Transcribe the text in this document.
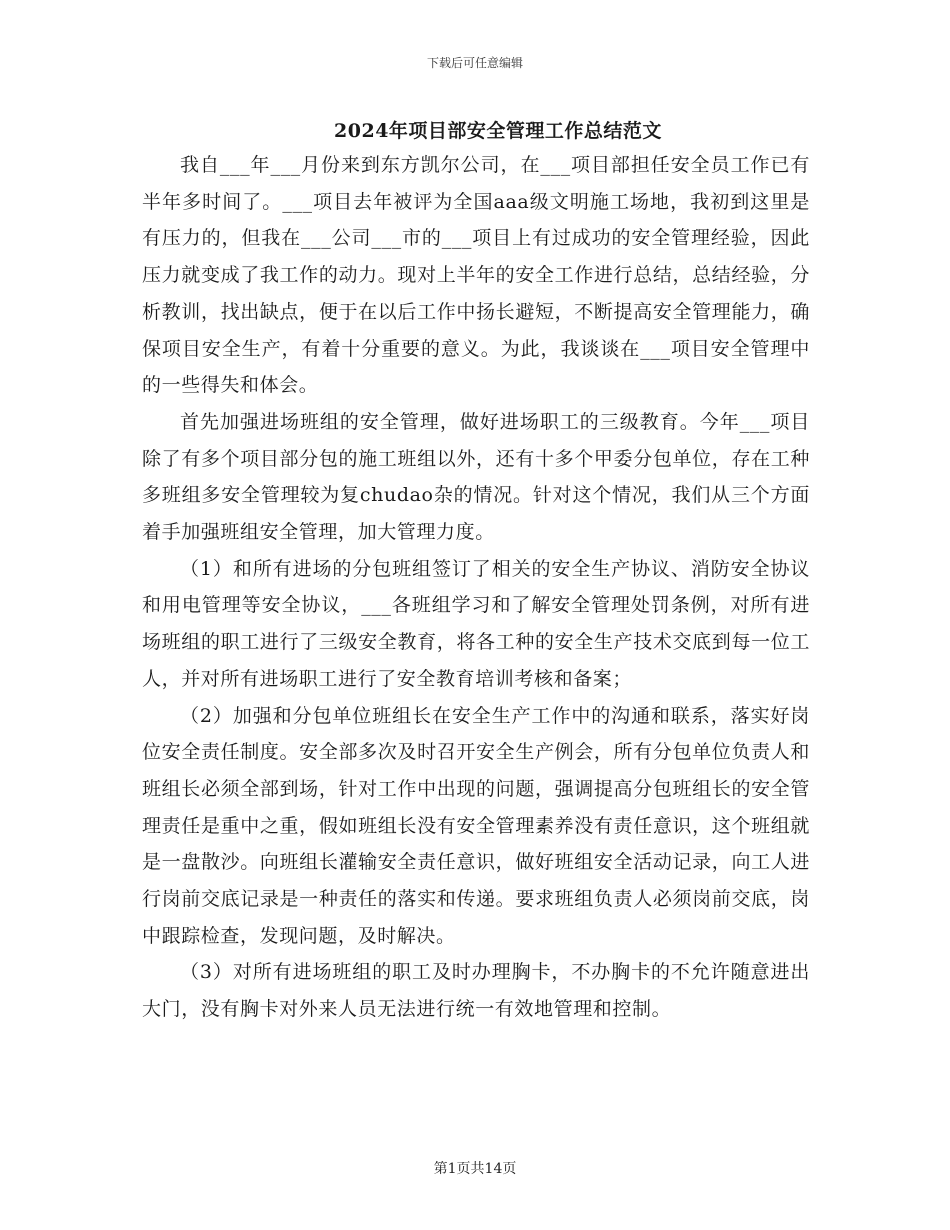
下载后可任意编辑
2024年项目部安全管理工作总结范文

我自___年___月份来到东方凯尔公司，在___项目部担任安全员工作已有半年多时间了。___项目去年被评为全国aaa级文明施工场地，我初到这里是有压力的，但我在___公司___市的___项目上有过成功的安全管理经验，因此压力就变成了我工作的动力。现对上半年的安全工作进行总结，总结经验，分析教训，找出缺点，便于在以后工作中扬长避短，不断提高安全管理能力，确保项目安全生产，有着十分重要的意义。为此，我谈谈在___项目安全管理中的一些得失和体会。

首先加强进场班组的安全管理，做好进场职工的三级教育。今年___项目除了有多个项目部分包的施工班组以外，还有十多个甲委分包单位，存在工种多班组多安全管理较为复chudao杂的情况。针对这个情况，我们从三个方面着手加强班组安全管理，加大管理力度。

（1）和所有进场的分包班组签订了相关的安全生产协议、消防安全协议和用电管理等安全协议，___各班组学习和了解安全管理处罚条例，对所有进场班组的职工进行了三级安全教育，将各工种的安全生产技术交底到每一位工人，并对所有进场职工进行了安全教育培训考核和备案；

（2）加强和分包单位班组长在安全生产工作中的沟通和联系，落实好岗位安全责任制度。安全部多次及时召开安全生产例会，所有分包单位负责人和班组长必须全部到场，针对工作中出现的问题，强调提高分包班组长的安全管理责任是重中之重，假如班组长没有安全管理素养没有责任意识，这个班组就是一盘散沙。向班组长灌输安全责任意识，做好班组安全活动记录，向工人进行岗前交底记录是一种责任的落实和传递。要求班组负责人必须岗前交底，岗中跟踪检查，发现问题，及时解决。

（3）对所有进场班组的职工及时办理胸卡，不办胸卡的不允许随意进出大门，没有胸卡对外来人员无法进行统一有效地管理和控制。

第1页共14页
